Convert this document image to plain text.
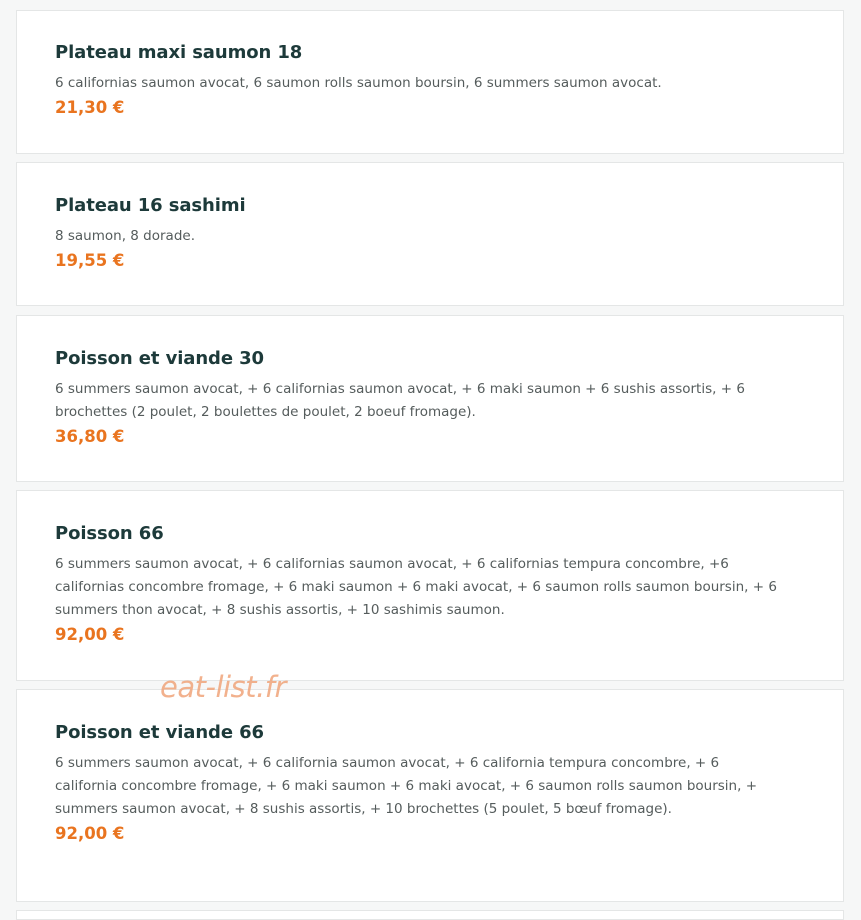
Plateau maxi saumon 18

6 californias saumon avocat, 6 saumon rolls saumon boursin, 6 summers saumon avocat.

21,30 €

Plateau 16 sashimi

8 saumon, 8 dorade.

19,55 €

Poisson et viande 30

6 summers saumon avocat, + 6 californias saumon avocat, + 6 maki saumon + 6 sushis assortis, + 6 brochettes (2 poulet, 2 boulettes de poulet, 2 boeuf fromage).

36,80 €

Poisson 66

6 summers saumon avocat, + 6 californias saumon avocat, + 6 californias tempura concombre, +6 californias concombre fromage, + 6 maki saumon + 6 maki avocat, + 6 saumon rolls saumon boursin, + 6 summers thon avocat, + 8 sushis assortis, + 10 sashimis saumon.

92,00 €

Poisson et viande 66

6 summers saumon avocat, + 6 california saumon avocat, + 6 california tempura concombre, + 6 california concombre fromage, + 6 maki saumon + 6 maki avocat, + 6 saumon rolls saumon boursin, + summers saumon avocat, + 8 sushis assortis, + 10 brochettes (5 poulet, 5 bœuf fromage).

92,00 €

eat-list.fr
